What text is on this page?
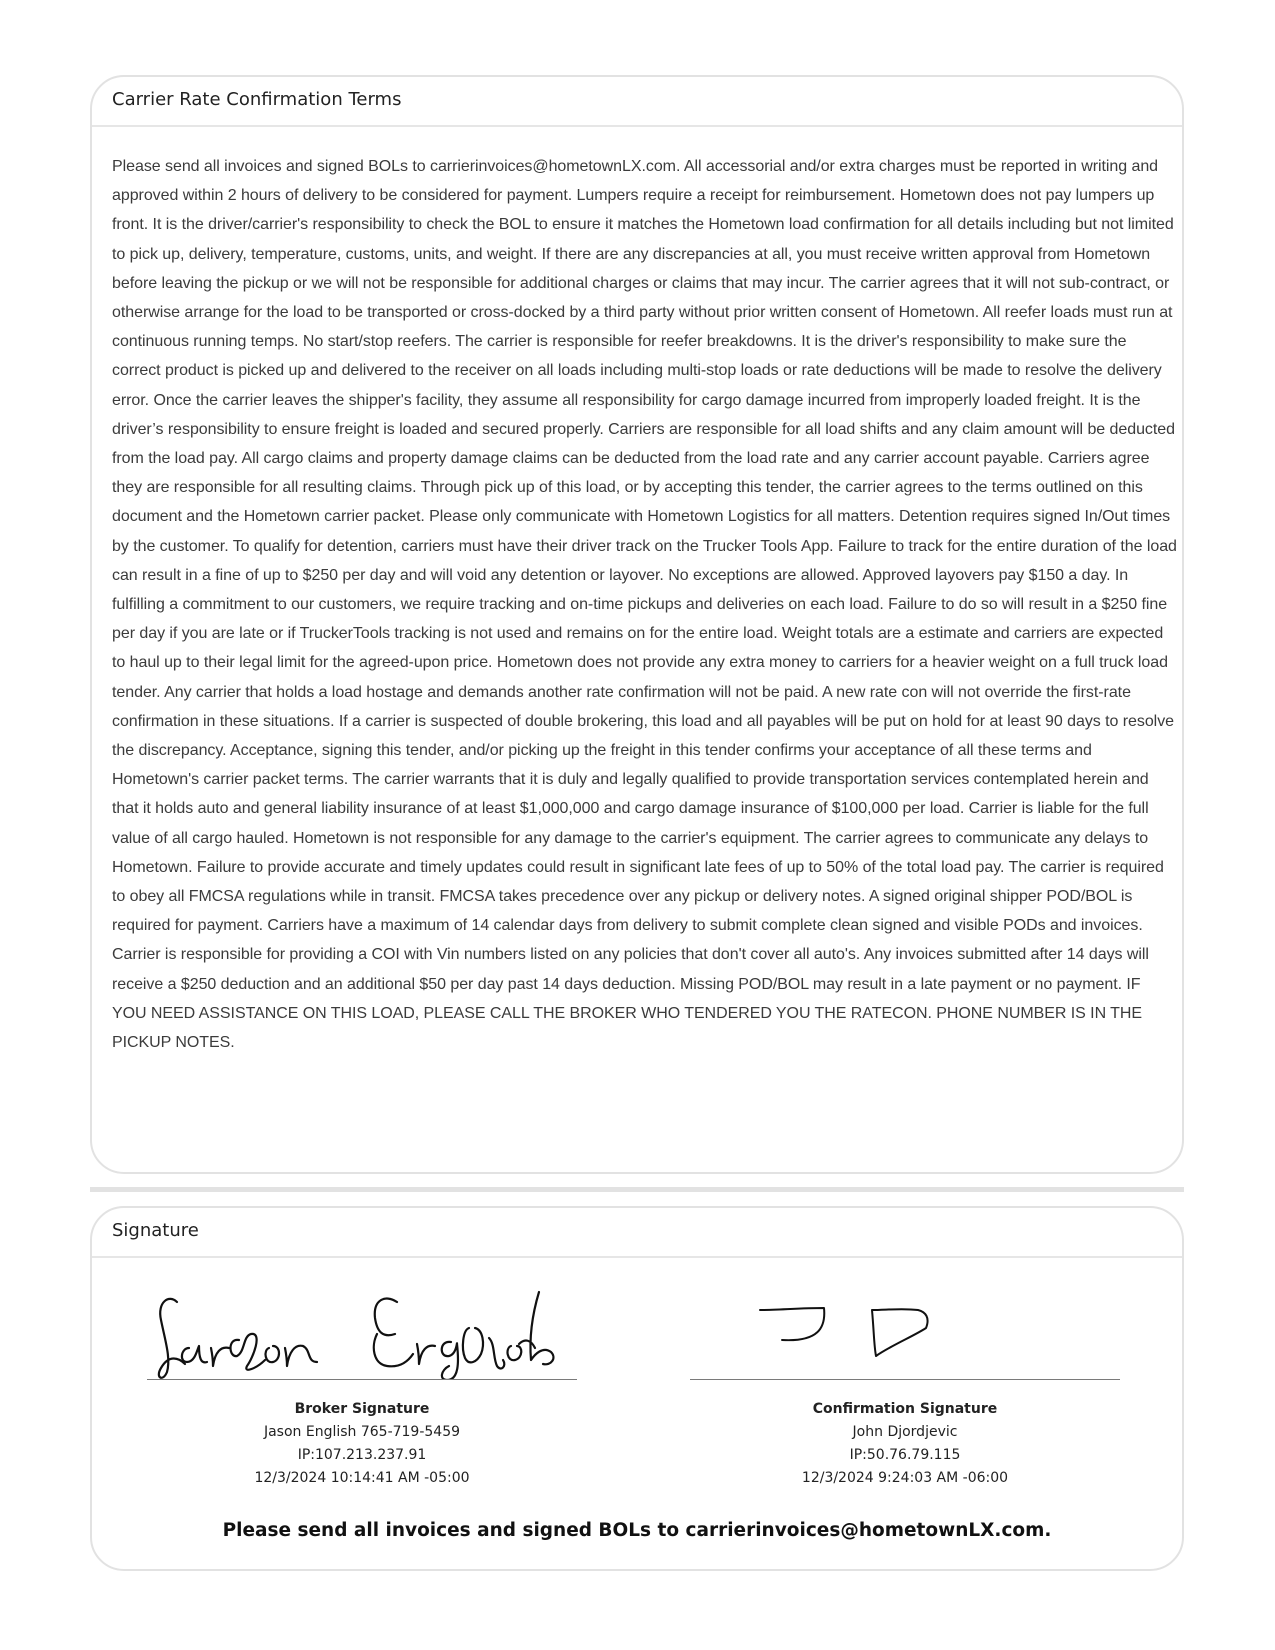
Carrier Rate Confirmation Terms

Please send all invoices and signed BOLs to carrierinvoices@hometownLX.com. All accessorial and/or extra charges must be reported in writing and approved within 2 hours of delivery to be considered for payment. Lumpers require a receipt for reimbursement. Hometown does not pay lumpers up front. It is the driver/carrier's responsibility to check the BOL to ensure it matches the Hometown load confirmation for all details including but not limited to pick up, delivery, temperature, customs, units, and weight. If there are any discrepancies at all, you must receive written approval from Hometown before leaving the pickup or we will not be responsible for additional charges or claims that may incur. The carrier agrees that it will not sub-contract, or otherwise arrange for the load to be transported or cross-docked by a third party without prior written consent of Hometown. All reefer loads must run at continuous running temps. No start/stop reefers. The carrier is responsible for reefer breakdowns. It is the driver's responsibility to make sure the correct product is picked up and delivered to the receiver on all loads including multi-stop loads or rate deductions will be made to resolve the delivery error. Once the carrier leaves the shipper's facility, they assume all responsibility for cargo damage incurred from improperly loaded freight. It is the driver’s responsibility to ensure freight is loaded and secured properly. Carriers are responsible for all load shifts and any claim amount will be deducted from the load pay. All cargo claims and property damage claims can be deducted from the load rate and any carrier account payable. Carriers agree they are responsible for all resulting claims. Through pick up of this load, or by accepting this tender, the carrier agrees to the terms outlined on this document and the Hometown carrier packet. Please only communicate with Hometown Logistics for all matters. Detention requires signed In/Out times by the customer. To qualify for detention, carriers must have their driver track on the Trucker Tools App. Failure to track for the entire duration of the load can result in a fine of up to $250 per day and will void any detention or layover. No exceptions are allowed. Approved layovers pay $150 a day. In fulfilling a commitment to our customers, we require tracking and on-time pickups and deliveries on each load. Failure to do so will result in a $250 fine per day if you are late or if TruckerTools tracking is not used and remains on for the entire load. Weight totals are a estimate and carriers are expected to haul up to their legal limit for the agreed-upon price. Hometown does not provide any extra money to carriers for a heavier weight on a full truck load tender. Any carrier that holds a load hostage and demands another rate confirmation will not be paid. A new rate con will not override the first-rate confirmation in these situations. If a carrier is suspected of double brokering, this load and all payables will be put on hold for at least 90 days to resolve the discrepancy. Acceptance, signing this tender, and/or picking up the freight in this tender confirms your acceptance of all these terms and Hometown's carrier packet terms. The carrier warrants that it is duly and legally qualified to provide transportation services contemplated herein and that it holds auto and general liability insurance of at least $1,000,000 and cargo damage insurance of $100,000 per load. Carrier is liable for the full value of all cargo hauled. Hometown is not responsible for any damage to the carrier's equipment. The carrier agrees to communicate any delays to Hometown. Failure to provide accurate and timely updates could result in significant late fees of up to 50% of the total load pay. The carrier is required to obey all FMCSA regulations while in transit. FMCSA takes precedence over any pickup or delivery notes. A signed original shipper POD/BOL is required for payment. Carriers have a maximum of 14 calendar days from delivery to submit complete clean signed and visible PODs and invoices. Carrier is responsible for providing a COI with Vin numbers listed on any policies that don't cover all auto's. Any invoices submitted after 14 days will receive a $250 deduction and an additional $50 per day past 14 days deduction. Missing POD/BOL may result in a late payment or no payment. IF YOU NEED ASSISTANCE ON THIS LOAD, PLEASE CALL THE BROKER WHO TENDERED YOU THE RATECON. PHONE NUMBER IS IN THE PICKUP NOTES.

Signature
Broker Signature
Jason English 765-719-5459
IP:107.213.237.91
12/3/2024 10:14:41 AM -05:00
Confirmation Signature
John Djordjevic
IP:50.76.79.115
12/3/2024 9:24:03 AM -06:00
Please send all invoices and signed BOLs to carrierinvoices@hometownLX.com.
